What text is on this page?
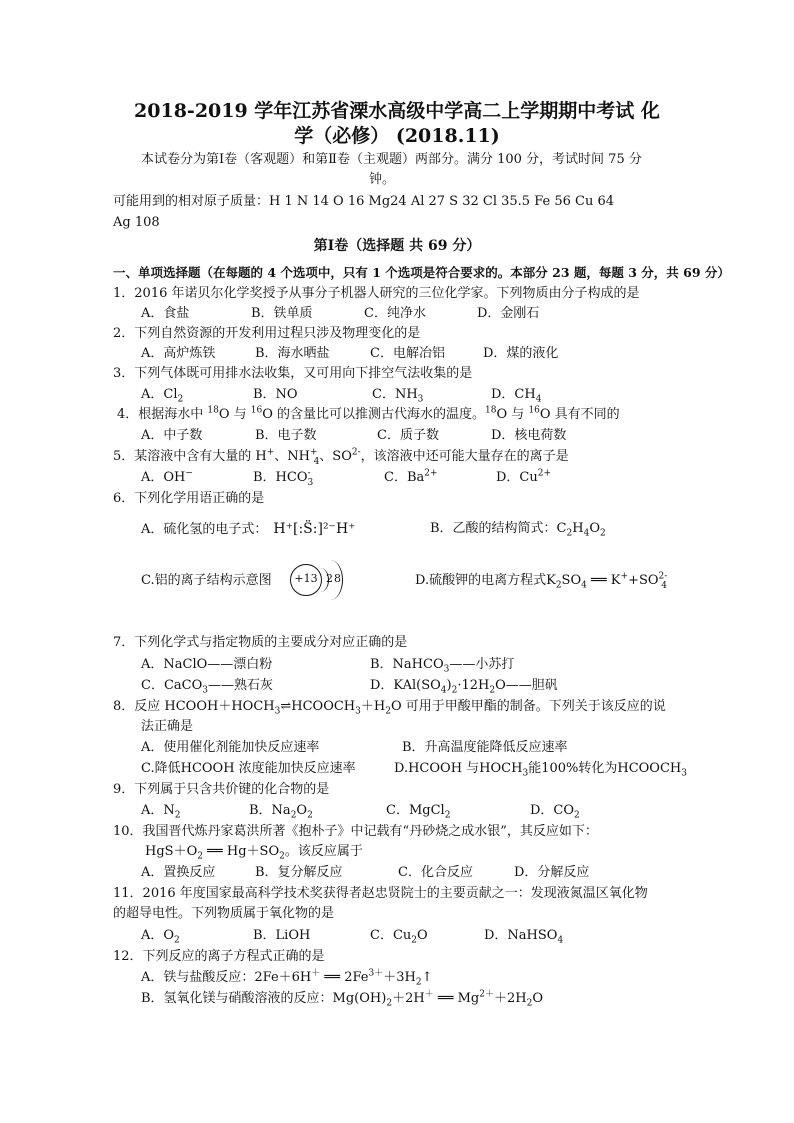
2018-2019 学年江苏省溧水高级中学高二上学期期中考试 化
学（必修） (2018.11)
本试卷分为第Ⅰ卷（客观题）和第Ⅱ卷（主观题）两部分。满分 100 分，考试时间 75 分
钟。
可能用到的相对原子质量：H 1 N 14 O 16 Mg24 Al 27 S 32 Cl 35.5 Fe 56 Cu 64
Ag 108
第Ⅰ卷（选择题 共 69 分）
一、单项选择题（在每题的 4 个选项中，只有 1 个选项是符合要求的。本部分 23 题，每题 3 分，共 69 分）
1．2016 年诺贝尔化学奖授予从事分子机器人研究的三位化学家。下列物质由分子构成的是
A．食盐	B．铁单质	C．纯净水	D．金刚石
2．下列自然资源的开发利用过程只涉及物理变化的是
A．高炉炼铁	B．海水晒盐	C．电解冶铝	D．煤的液化
3．下列气体既可用排水法收集，又可用向下排空气法收集的是
A．$Cl_2$	B．NO	C．$NH_3$	D．$CH_4$
4．根据海水中 $^{18}$O 与 $^{16}$O 的含量比可以推测古代海水的温度。$^{18}$O 与 $^{16}$O 具有不同的
A．中子数	B．电子数	C．质子数	D．核电荷数
5．某溶液中含有大量的 H+、$NH^+_4$、$SO^{2-}$，该溶液中还可能大量存在的离子是
A．OH−	B．$HCO^-_3$	C．$Ba^{2+}$	D．$Cu^{2+}$
6．下列化学用语正确的是
A．硫化氢的电子式： H⁺[:S̈:]²⁻H⁺	B．乙酸的结构简式：$C_2H_4O_2$
C.铝的离子结构示意图	+13 2 8	D.硫酸钾的电离方程式$K_2SO_4$ ══ $K^++SO^{2-}_4$
7．下列化学式与指定物质的主要成分对应正确的是
A．NaClO——漂白粉	B．NaHCO$_3$——小苏打
C．CaCO$_3$——熟石灰	D．$KAl(SO_4)_2\cdot 12H_2O——$胆矾
8．反应 $HCOOH+HOCH_3\rightleftharpoons HCOOCH_3+H_2O$ 可用于甲酸甲酯的制备。下列关于该反应的说
法正确是
A．使用催化剂能加快反应速率	B．升高温度能降低反应速率
C.降低HCOOH 浓度能加快反应速率	D.HCOOH 与$HOCH_3$能100%转化为$HCOOCH_3$
9．下列属于只含共价键的化合物的是
A．$N_2$	B．$Na_2O_2$	C．MgCl$_2$	D．$CO_2$
10．我国晋代炼丹家葛洪所著《抱朴子》中记载有“丹砂烧之成水银”，其反应如下：
$HgS+O_2$ ══ $Hg+SO_2$。该反应属于
A．置换反应	B．复分解反应	C．化合反应	D．分解反应
11．2016 年度国家最高科学技术奖获得者赵忠贤院士的主要贡献之一：发现液氮温区氧化物
的超导电性。下列物质属于氧化物的是
A．$O_2$	B．LiOH	C．$Cu_2O$	D．NaHSO$_4$
12．下列反应的离子方程式正确的是
A．铁与盐酸反应：2Fe＋6H＋ ══ $2Fe^{3+}+3H_2↑$
B．氢氧化镁与硝酸溶液的反应：$Mg(OH)_2+2H^+$ ══ $Mg^{2+}+2H_2O$
